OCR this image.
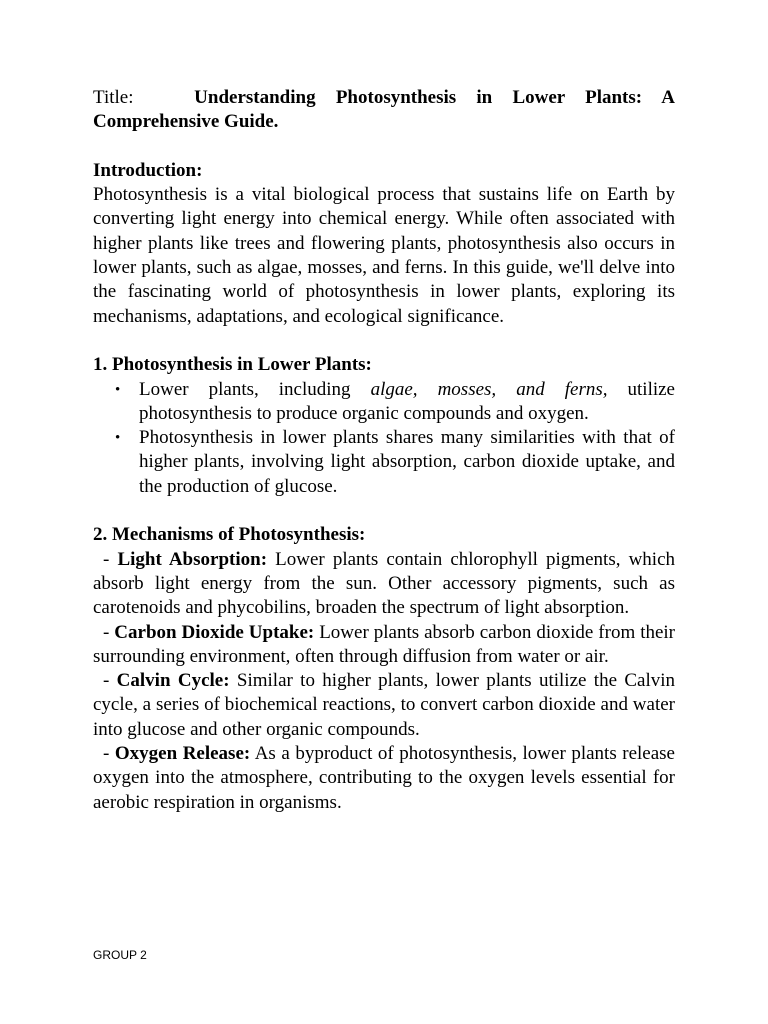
Title:	Understanding Photosynthesis in Lower Plants: A Comprehensive Guide.

Introduction:

Photosynthesis is a vital biological process that sustains life on Earth by converting light energy into chemical energy. While often associated with higher plants like trees and flowering plants, photosynthesis also occurs in lower plants, such as algae, mosses, and ferns. In this guide, we'll delve into the fascinating world of photosynthesis in lower plants, exploring its mechanisms, adaptations, and ecological significance.

1. Photosynthesis in Lower Plants:

• Lower plants, including algae, mosses, and ferns, utilize photosynthesis to produce organic compounds and oxygen.
• Photosynthesis in lower plants shares many similarities with that of higher plants, involving light absorption, carbon dioxide uptake, and the production of glucose.

2. Mechanisms of Photosynthesis:

- Light Absorption: Lower plants contain chlorophyll pigments, which absorb light energy from the sun. Other accessory pigments, such as carotenoids and phycobilins, broaden the spectrum of light absorption.

- Carbon Dioxide Uptake: Lower plants absorb carbon dioxide from their surrounding environment, often through diffusion from water or air.

- Calvin Cycle: Similar to higher plants, lower plants utilize the Calvin cycle, a series of biochemical reactions, to convert carbon dioxide and water into glucose and other organic compounds.

- Oxygen Release: As a byproduct of photosynthesis, lower plants release oxygen into the atmosphere, contributing to the oxygen levels essential for aerobic respiration in organisms.

GROUP 2
